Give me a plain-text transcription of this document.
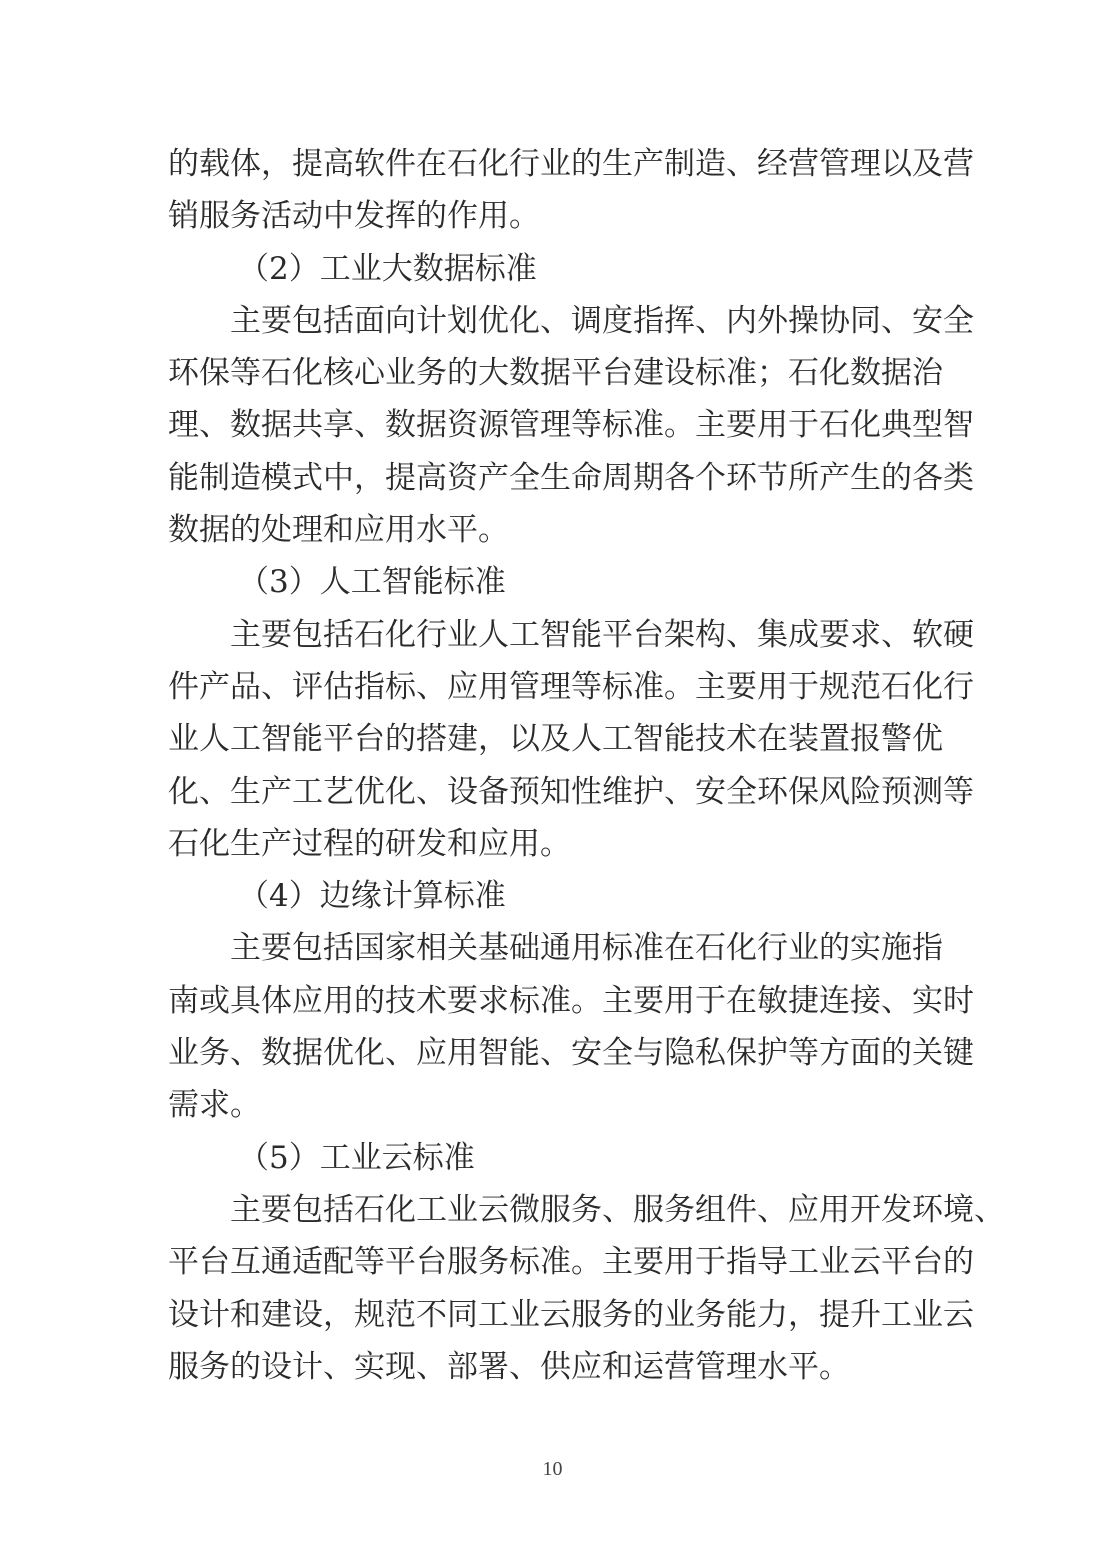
的载体，提高软件在石化行业的生产制造、经营管理以及营
销服务活动中发挥的作用。
（2）工业大数据标准
主要包括面向计划优化、调度指挥、内外操协同、安全
环保等石化核心业务的大数据平台建设标准；石化数据治
理、数据共享、数据资源管理等标准。主要用于石化典型智
能制造模式中，提高资产全生命周期各个环节所产生的各类
数据的处理和应用水平。
（3）人工智能标准
主要包括石化行业人工智能平台架构、集成要求、软硬
件产品、评估指标、应用管理等标准。主要用于规范石化行
业人工智能平台的搭建，以及人工智能技术在装置报警优
化、生产工艺优化、设备预知性维护、安全环保风险预测等
石化生产过程的研发和应用。
（4）边缘计算标准
主要包括国家相关基础通用标准在石化行业的实施指
南或具体应用的技术要求标准。主要用于在敏捷连接、实时
业务、数据优化、应用智能、安全与隐私保护等方面的关键
需求。
（5）工业云标准
主要包括石化工业云微服务、服务组件、应用开发环境、
平台互通适配等平台服务标准。主要用于指导工业云平台的
设计和建设，规范不同工业云服务的业务能力，提升工业云
服务的设计、实现、部署、供应和运营管理水平。
10
